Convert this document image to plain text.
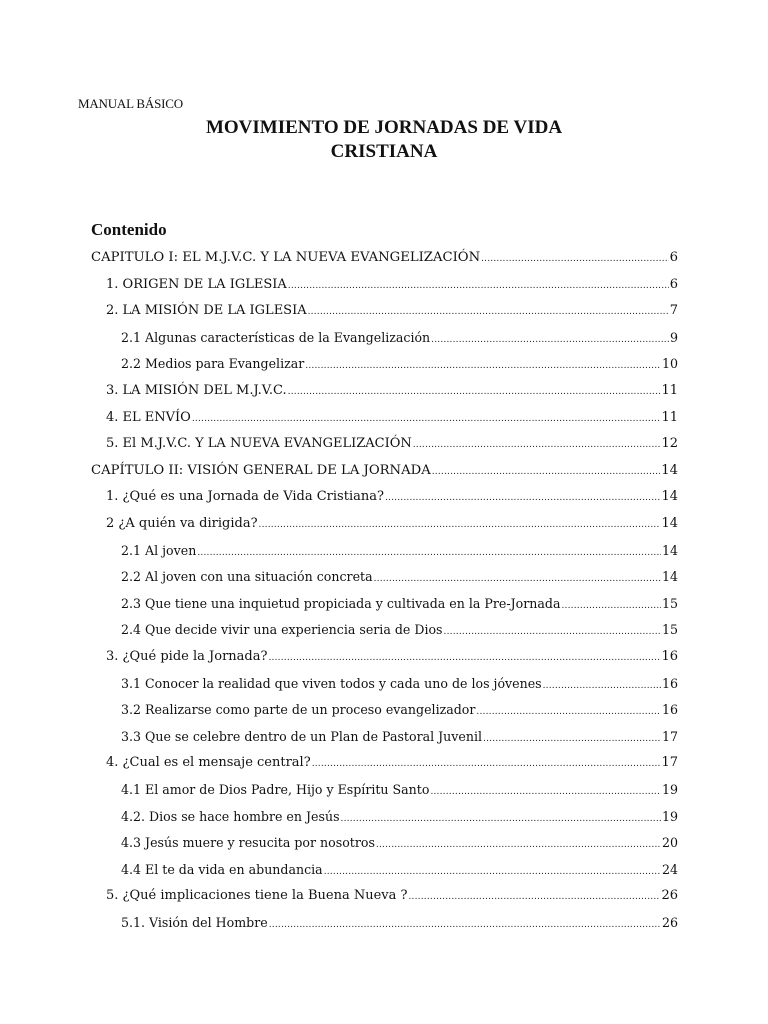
MANUAL BÁSICO
MOVIMIENTO DE JORNADAS DE VIDA
CRISTIANA
Contenido
CAPITULO I: EL M.J.V.C. Y LA NUEVA EVANGELIZACIÓN .....	6
1. ORIGEN DE LA IGLESIA .....	6
2. LA MISIÓN DE LA IGLESIA .....	7
2.1 Algunas características de la Evangelización .....	9
2.2 Medios para Evangelizar .....	10
3. LA MISIÓN DEL M.J.V.C. .....	11
4. EL ENVÍO .....	11
5. El M.J.V.C. Y LA NUEVA EVANGELIZACIÓN .....	12
CAPÍTULO II: VISIÓN GENERAL DE LA JORNADA .....	14
1. ¿Qué es una Jornada de Vida Cristiana? .....	14
2 ¿A quién va dirigida? .....	14
2.1 Al joven .....	14
2.2 Al joven con una situación concreta .....	14
2.3 Que tiene una inquietud propiciada y cultivada en la Pre-Jornada .....	15
2.4 Que decide vivir una experiencia seria de Dios .....	15
3. ¿Qué pide la Jornada? .....	16
3.1 Conocer la realidad que viven todos y cada uno de los jóvenes .....	16
3.2 Realizarse como parte de un proceso evangelizador .....	16
3.3 Que se celebre dentro de un Plan de Pastoral Juvenil .....	17
4. ¿Cual es el mensaje central? .....	17
4.1 El amor de Dios Padre, Hijo y Espíritu Santo .....	19
4.2. Dios se hace hombre en Jesús .....	19
4.3 Jesús muere y resucita por nosotros .....	20
4.4 El te da vida en abundancia .....	24
5. ¿Qué implicaciones tiene la Buena Nueva ? .....	26
5.1. Visión del Hombre .....	26
